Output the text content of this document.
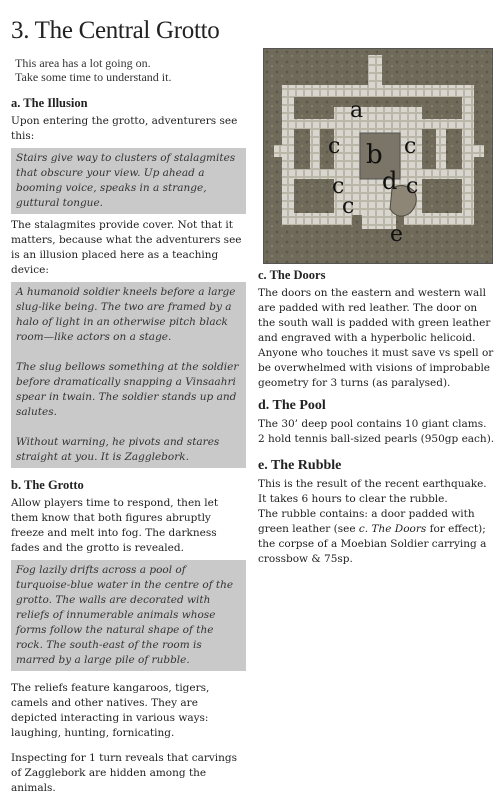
3. The Central Grotto
This area has a lot going on.
Take some time to understand it.
a. The Illusion

Upon entering the grotto, adventurers see this:

Stairs give way to clusters of stalagmites that obscure your view. Up ahead a booming voice, speaks in a strange, guttural tongue.

The stalagmites provide cover. Not that it matters, because what the adventurers see is an illusion placed here as a teaching device:

A humanoid soldier kneels before a large slug-like being. The two are framed by a halo of light in an otherwise pitch black room—like actors on a stage.

The slug bellows something at the soldier before dramatically snapping a Vinsaahri spear in twain. The soldier stands up and salutes.

Without warning, he pivots and stares straight at you. It is Zagglebork.

b. The Grotto

Allow players time to respond, then let them know that both figures abruptly freeze and melt into fog. The darkness fades and the grotto is revealed.

Fog lazily drifts across a pool of turquoise-blue water in the centre of the grotto. The walls are decorated with reliefs of innumerable animals whose forms follow the natural shape of the rock. The south-east of the room is marred by a large pile of rubble.

The reliefs feature kangaroos, tigers, camels and other natives. They are depicted interacting in various ways: laughing, hunting, fornicating.

Inspecting for 1 turn reveals that carvings of Zagglebork are hidden among the animals.

a
c b c
c d c
c
e
c. The Doors

The doors on the eastern and western wall are padded with red leather. The door on the south wall is padded with green leather and engraved with a hyperbolic helicoid. Anyone who touches it must save vs spell or be overwhelmed with visions of improbable geometry for 3 turns (as paralysed).

d. The Pool

The 30’ deep pool contains 10 giant clams.

2 hold tennis ball-sized pearls (950gp each).

e. The Rubble

This is the result of the recent earthquake.

It takes 6 hours to clear the rubble.

The rubble contains: a door padded with green leather (see c. The Doors for effect); the corpse of a Moebian Soldier carrying a crossbow & 75sp.
